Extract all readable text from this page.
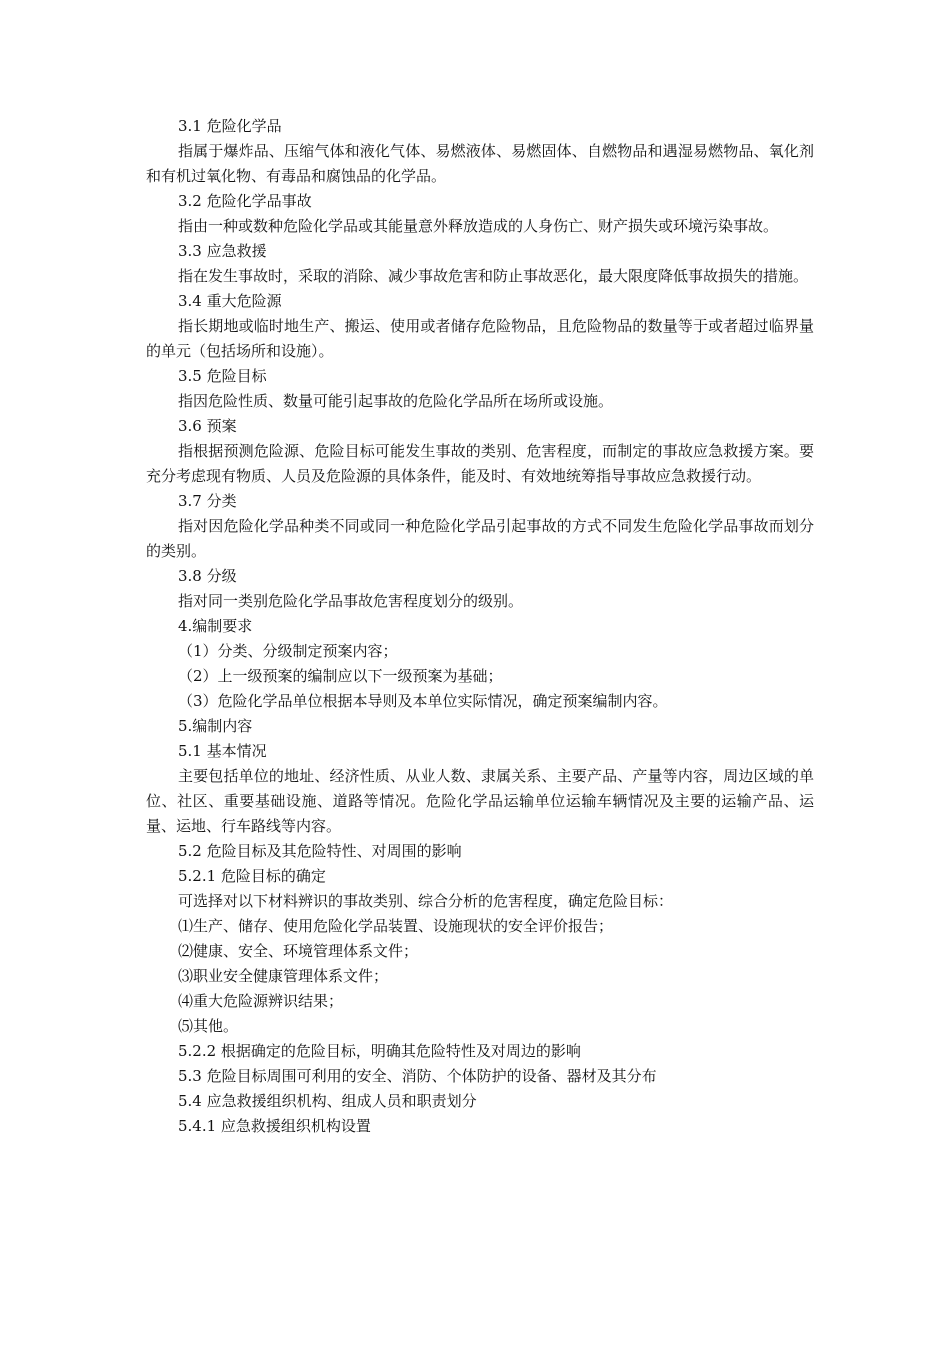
3.1 危险化学品
指属于爆炸品、压缩气体和液化气体、易燃液体、易燃固体、自燃物品和遇湿易燃物品、氧化剂和有机过氧化物、有毒品和腐蚀品的化学品。
3.2 危险化学品事故
指由一种或数种危险化学品或其能量意外释放造成的人身伤亡、财产损失或环境污染事故。
3.3 应急救援
指在发生事故时，采取的消除、减少事故危害和防止事故恶化，最大限度降低事故损失的措施。
3.4 重大危险源
指长期地或临时地生产、搬运、使用或者储存危险物品，且危险物品的数量等于或者超过临界量的单元（包括场所和设施）。
3.5 危险目标
指因危险性质、数量可能引起事故的危险化学品所在场所或设施。
3.6 预案
指根据预测危险源、危险目标可能发生事故的类别、危害程度，而制定的事故应急救援方案。要充分考虑现有物质、人员及危险源的具体条件，能及时、有效地统筹指导事故应急救援行动。
3.7 分类
指对因危险化学品种类不同或同一种危险化学品引起事故的方式不同发生危险化学品事故而划分的类别。
3.8 分级
指对同一类别危险化学品事故危害程度划分的级别。
4.编制要求
（1）分类、分级制定预案内容；
（2）上一级预案的编制应以下一级预案为基础；
（3）危险化学品单位根据本导则及本单位实际情况，确定预案编制内容。
5.编制内容
5.1 基本情况
主要包括单位的地址、经济性质、从业人数、隶属关系、主要产品、产量等内容，周边区域的单位、社区、重要基础设施、道路等情况。危险化学品运输单位运输车辆情况及主要的运输产品、运量、运地、行车路线等内容。
5.2 危险目标及其危险特性、对周围的影响
5.2.1 危险目标的确定
可选择对以下材料辨识的事故类别、综合分析的危害程度，确定危险目标：
⑴生产、储存、使用危险化学品装置、设施现状的安全评价报告；
⑵健康、安全、环境管理体系文件；
⑶职业安全健康管理体系文件；
⑷重大危险源辨识结果；
⑸其他。
5.2.2 根据确定的危险目标，明确其危险特性及对周边的影响
5.3 危险目标周围可利用的安全、消防、个体防护的设备、器材及其分布
5.4 应急救援组织机构、组成人员和职责划分
5.4.1 应急救援组织机构设置
